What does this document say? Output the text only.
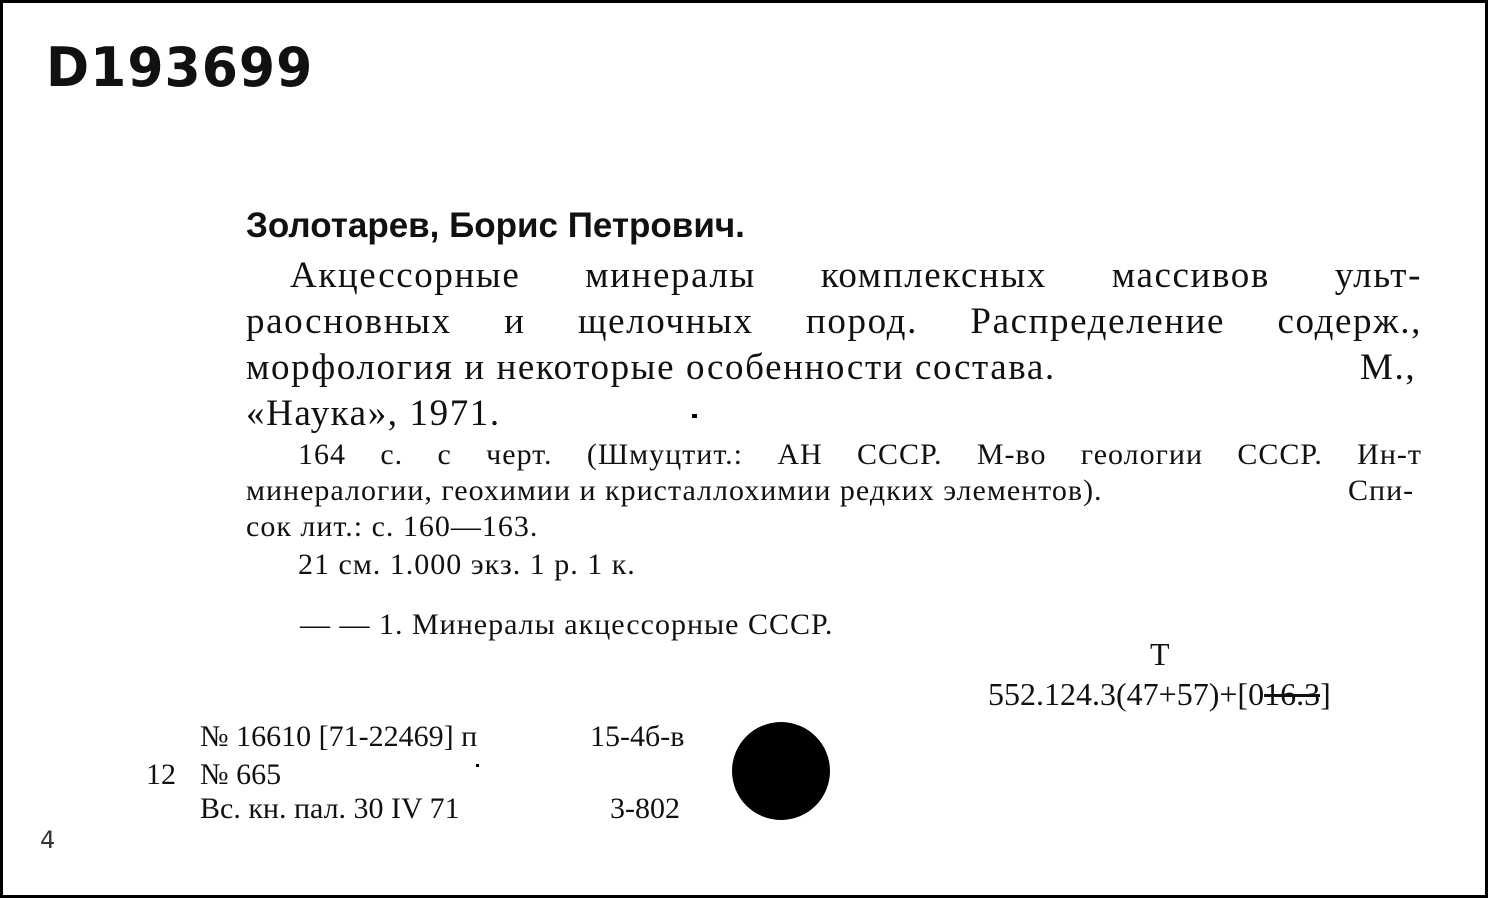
D193699
Золотарев, Борис Петрович.
Акцессорные минералы комплексных массивов ульт-
раоснoвных и щелочных пород. Распределение содерж.,
морфология и некоторые особенности состава.	М.,
«Наука», 1971.
164 с. с черт. (Шмуцтит.: АН СССР. М-во геологии СССР. Ин-т
минералогии, геохимии и кристаллохимии редких элементов).	Спи-
сок лит.: с. 160—163.
21 см. 1.000 экз. 1 р. 1 к.
— — 1. Минералы акцессорные СССР.
Т
552.124.3(47+57)+[016.3]
№ 16610 [71-22469] п	15-4б-в
12 № 665
Вс. кн. пал. 30 IV 71	3-802
4
